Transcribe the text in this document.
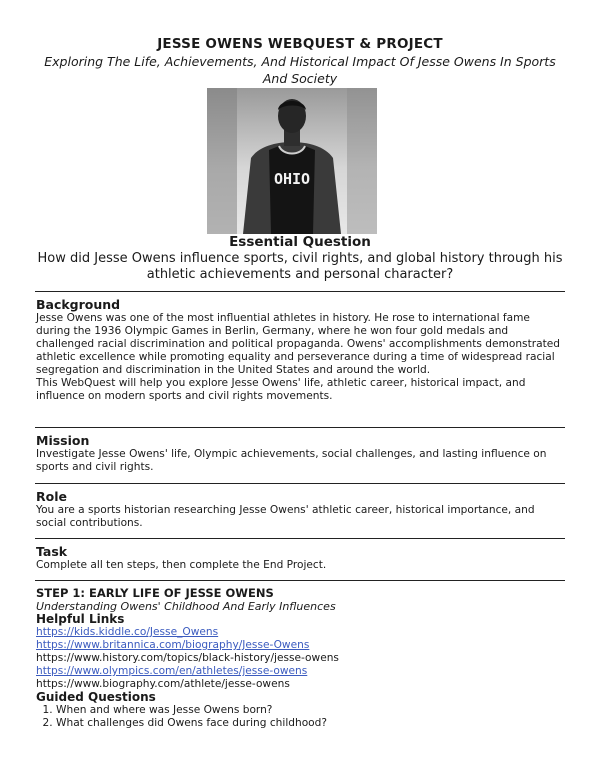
JESSE OWENS WEBQUEST & PROJECT
Exploring The Life, Achievements, And Historical Impact Of Jesse Owens In Sports And Society
OHIO
Essential Question
How did Jesse Owens influence sports, civil rights, and global history through his athletic achievements and personal character?
Background

Jesse Owens was one of the most influential athletes in history. He rose to international fame during the 1936 Olympic Games in Berlin, Germany, where he won four gold medals and challenged racial discrimination and political propaganda. Owens' accomplishments demonstrated athletic excellence while promoting equality and perseverance during a time of widespread racial segregation and discrimination in the United States and around the world.

This WebQuest will help you explore Jesse Owens' life, athletic career, historical impact, and influence on modern sports and civil rights movements.

Mission

Investigate Jesse Owens' life, Olympic achievements, social challenges, and lasting influence on sports and civil rights.

Role

You are a sports historian researching Jesse Owens' athletic career, historical importance, and social contributions.

Task

Complete all ten steps, then complete the End Project.

STEP 1: EARLY LIFE OF JESSE OWENS
Understanding Owens' Childhood And Early Influences
Helpful Links
https://kids.kiddle.co/Jesse_Owens
https://www.britannica.com/biography/Jesse-Owens
https://www.history.com/topics/black-history/jesse-owens
https://www.olympics.com/en/athletes/jesse-owens
https://www.biography.com/athlete/jesse-owens
Guided Questions
1. When and where was Jesse Owens born?
2. What challenges did Owens face during childhood?
